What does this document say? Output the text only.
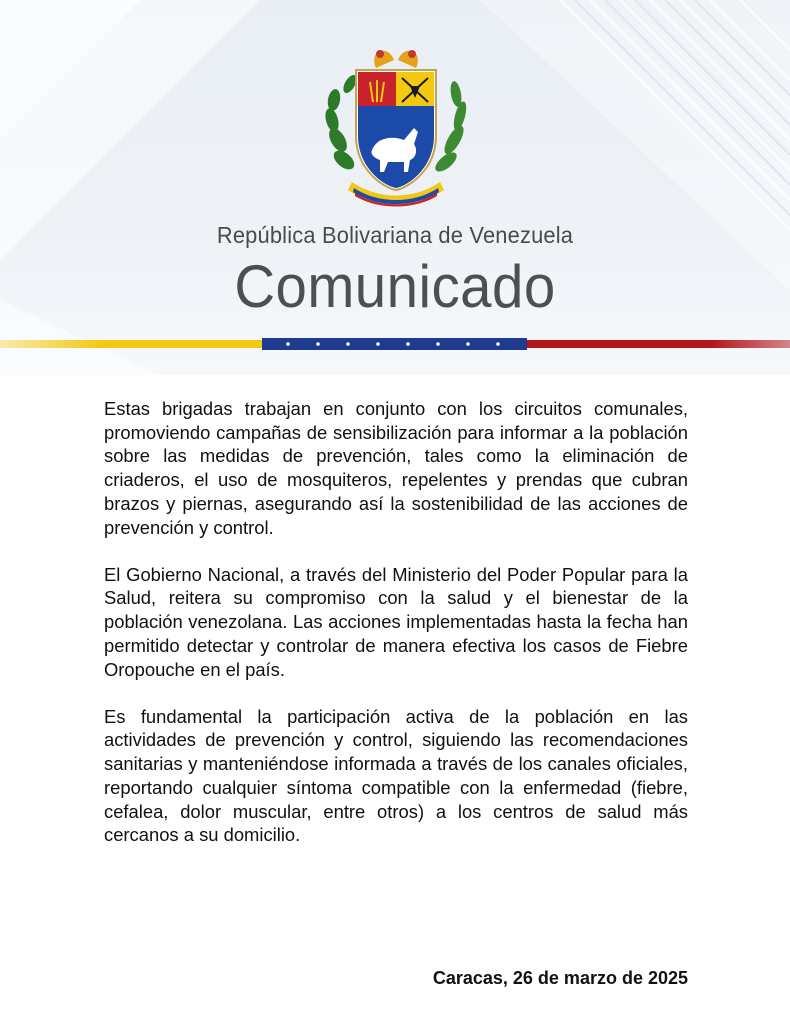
República Bolivariana de Venezuela
Comunicado

Estas brigadas trabajan en conjunto con los circuitos comunales, promoviendo campañas de sensibilización para informar a la población sobre las medidas de prevención, tales como la eliminación de criaderos, el uso de mosquiteros, repelentes y prendas que cubran brazos y piernas, asegurando así la sostenibilidad de las acciones de prevención y control.

El Gobierno Nacional, a través del Ministerio del Poder Popular para la Salud, reitera su compromiso con la salud y el bienestar de la población venezolana. Las acciones implementadas hasta la fecha han permitido detectar y controlar de manera efectiva los casos de Fiebre Oropouche en el país.

Es fundamental la participación activa de la población en las actividades de prevención y control, siguiendo las recomendaciones sanitarias y manteniéndose informada a través de los canales oficiales, reportando cualquier síntoma compatible con la enfermedad (fiebre, cefalea, dolor muscular, entre otros) a los centros de salud más cercanos a su domicilio.

Caracas, 26 de marzo de 2025
